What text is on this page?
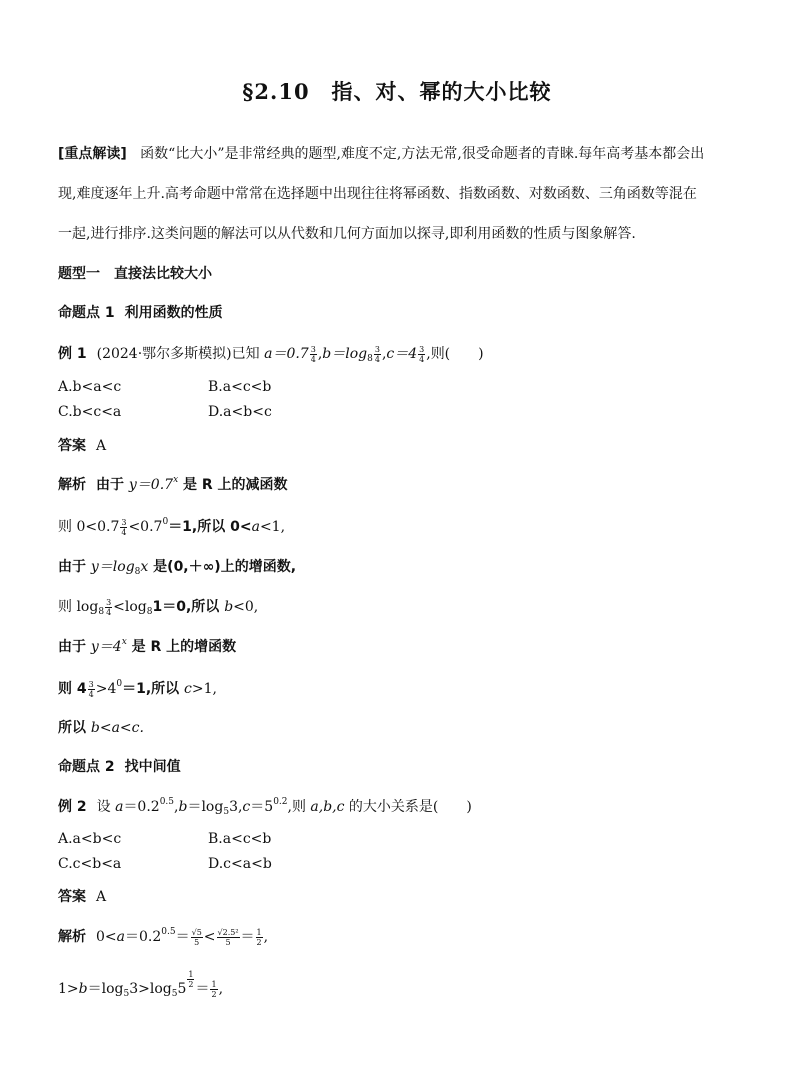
§2.10　指、对、幂的大小比较
[重点解读] 函数“比大小”是非常经典的题型,难度不定,方法无常,很受命题者的青睐.每年高考基本都会出
现,难度逐年上升.高考命题中常常在选择题中出现往往将幂函数、指数函数、对数函数、三角函数等混在
一起,进行排序.这类问题的解法可以从代数和几何方面加以探寻,即利用函数的性质与图象解答.
题型一　直接法比较大小
命题点 1 利用函数的性质
例 1 (2024·鄂尔多斯模拟)已知 $a=0.7 \frac{3}{4} ,b=\log_8 \frac{3}{4} ,c=4 \frac{3}{4}$ ,则(　　)
A.b<a<c	B.a<c<b
C.b<c<a	D.a<b<c
答案 A
解析 由于 $y=0.7^x$ 是 R 上的减函数
则 $0<0.7 \frac{3}{4} <0.7^0=1$,所以 0<a<1,
由于 $y=\log_8x$ 是(0,＋∞)上的增函数,
则 $\log_8 \frac{3}{4} <\log_81=0$,所以 b<0,
由于 $y=4^x$ 是 R 上的增函数
则 $4 \frac{3}{4} >4^0=1$,所以 c>1,
所以 b<a<c.
命题点 2 找中间值
例 2 设 $a=0.2^{0.5},b=\log_53,c=5^{0.2}$,则 a,b,c 的大小关系是(　　)
A.a<b<c	B.a<c<b
C.c<b<a	D.c<a<b
答案 A
解析 $0<a=0.2^{0.5}= \frac{√5}{5} < \frac{\text{√2.5²}}{5} = \frac{1}{2}$ ,
$1>b=\log_53>\log_55 \frac{1}{2} = \frac{1}{2}$ ,
